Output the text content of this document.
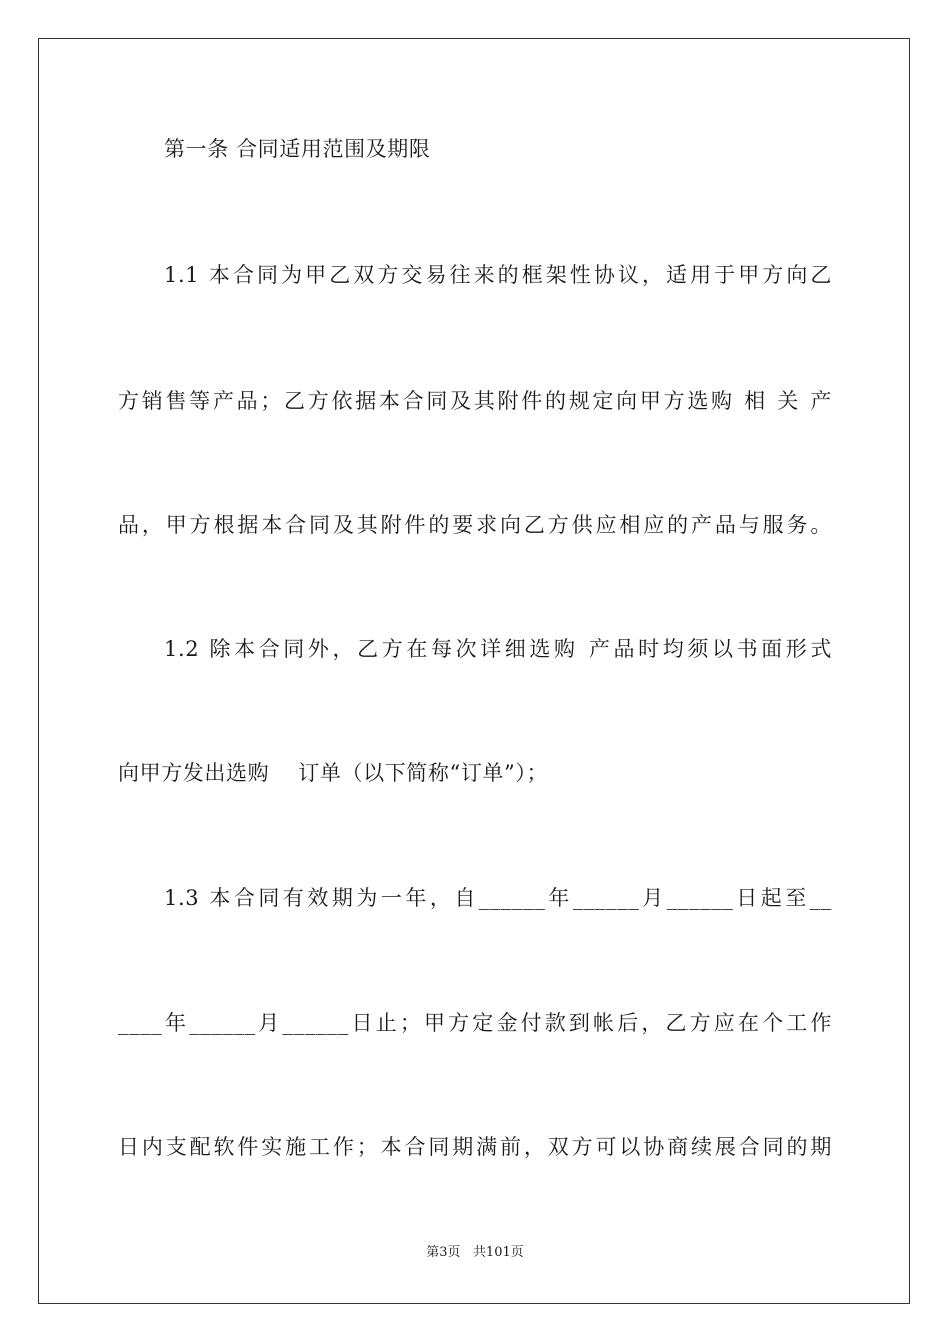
第一条 合同适用范围及期限
1.1 本合同为甲乙双方交易往来的框架性协议，适用于甲方向乙
方销售等产品；乙方依据本合同及其附件的规定向甲方选购 相 关 产
品，甲方根据本合同及其附件的要求向乙方供应相应的产品与服务。
1.2 除本合同外，乙方在每次详细选购 产品时均须以书面形式
向甲方发出选购    订单（以下简称“订单”）；
1.3 本合同有效期为一年，自______年______月______日起至__
____年______月______日止；甲方定金付款到帐后，乙方应在个工作
日内支配软件实施工作；本合同期满前，双方可以协商续展合同的期
第3页   共101页
